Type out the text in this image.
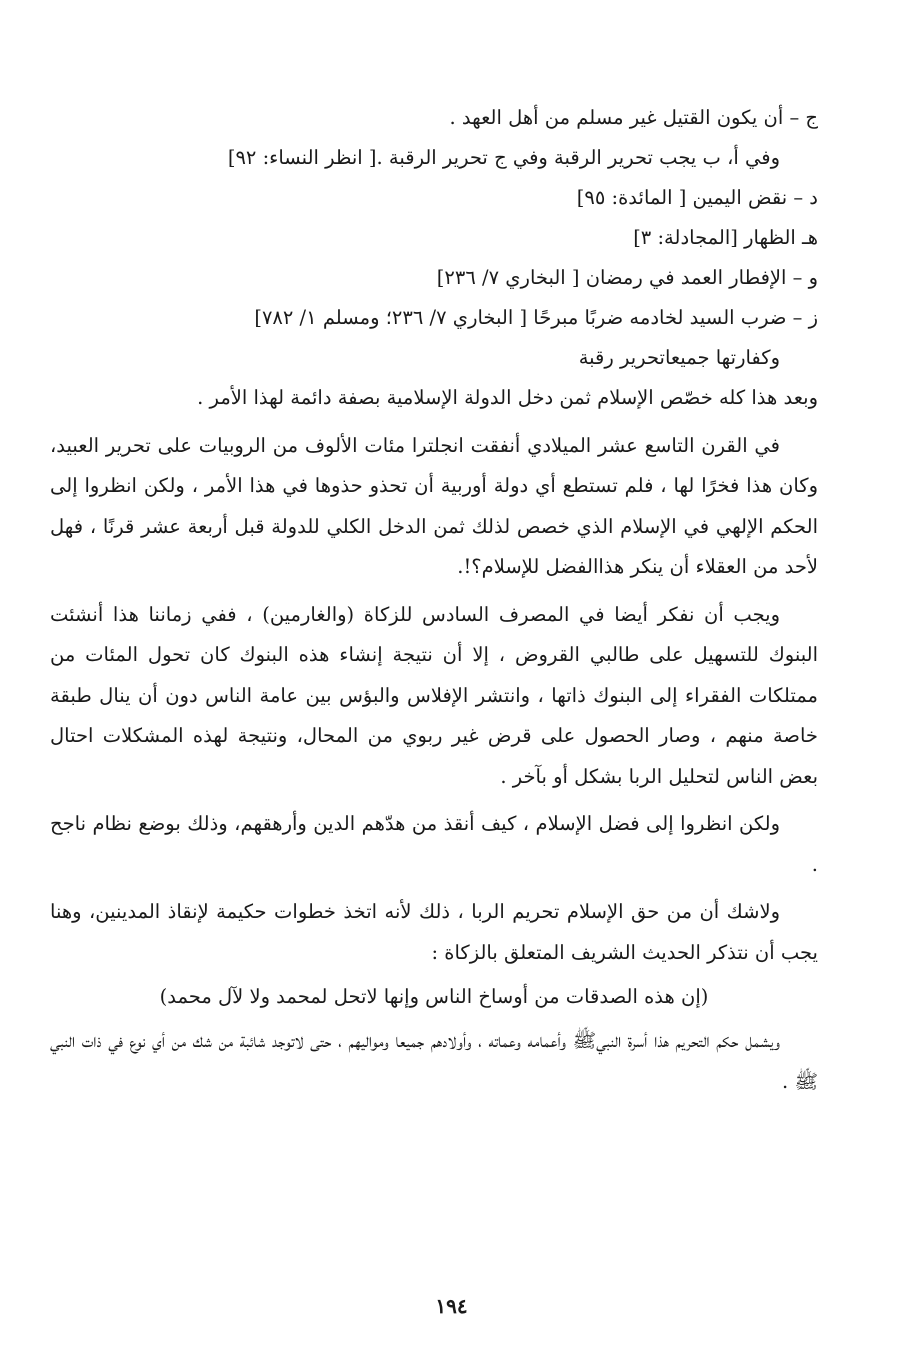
ج – أن يكون القتيل غير مسلم من أهل العهد .
وفي أ، ب يجب تحرير الرقبة وفي ج تحرير الرقبة .[ انظر النساء: ٩٢]
د – نقض اليمين [ المائدة: ٩٥]
هـ الظهار [المجادلة: ٣]
و – الإفطار العمد في رمضان [ البخاري ٧/ ٢٣٦]
ز – ضرب السيد لخادمه ضربًا مبرحًا [ البخاري ٧/ ٢٣٦؛ ومسلم ١/ ٧٨٢]
وكفارتها جميعاتحرير رقبة

وبعد هذا كله خصّص الإسلام ثمن دخل الدولة الإسلامية بصفة دائمة لهذا الأمر .

في القرن التاسع عشر الميلادي أنفقت انجلترا مئات الألوف من الروبيات على تحرير العبيد، وكان هذا فخرًا لها ، فلم تستطع أي دولة أوربية أن تحذو حذوها في هذا الأمر ، ولكن انظروا إلى الحكم الإلهي في الإسلام الذي خصص لذلك ثمن الدخل الكلي للدولة قبل أربعة عشر قرنًا ، فهل لأحد من العقلاء أن ينكر هذاالفضل للإسلام؟!.

ويجب أن نفكر أيضا في المصرف السادس للزكاة (والغارمين) ، ففي زماننا هذا أنشئت البنوك للتسهيل على طالبي القروض ، إلا أن نتيجة إنشاء هذه البنوك كان تحول المئات من ممتلكات الفقراء إلى البنوك ذاتها ، وانتشر الإفلاس والبؤس بين عامة الناس دون أن ينال طبقة خاصة منهم ، وصار الحصول على قرض غير ربوي من المحال، ونتيجة لهذه المشكلات احتال بعض الناس لتحليل الربا بشكل أو بآخر .

ولكن انظروا إلى فضل الإسلام ، كيف أنقذ من هدّهم الدين وأرهقهم، وذلك بوضع نظام ناجح .

ولاشك أن من حق الإسلام تحريم الربا ، ذلك لأنه اتخذ خطوات حكيمة لإنقاذ المدينين، وهنا يجب أن نتذكر الحديث الشريف المتعلق بالزكاة :

(إن هذه الصدقات من أوساخ الناس وإنها لاتحل لمحمد ولا لآل محمد)

ويشمل حكم التحريم هذا أسرة النبيﷺ وأعمامه وعماته ، وأولادهم جميعا ومواليهم ، حتى لاتوجد شائبة من شك من أي نوع في ذات النبي ﷺ .

١٩٤
